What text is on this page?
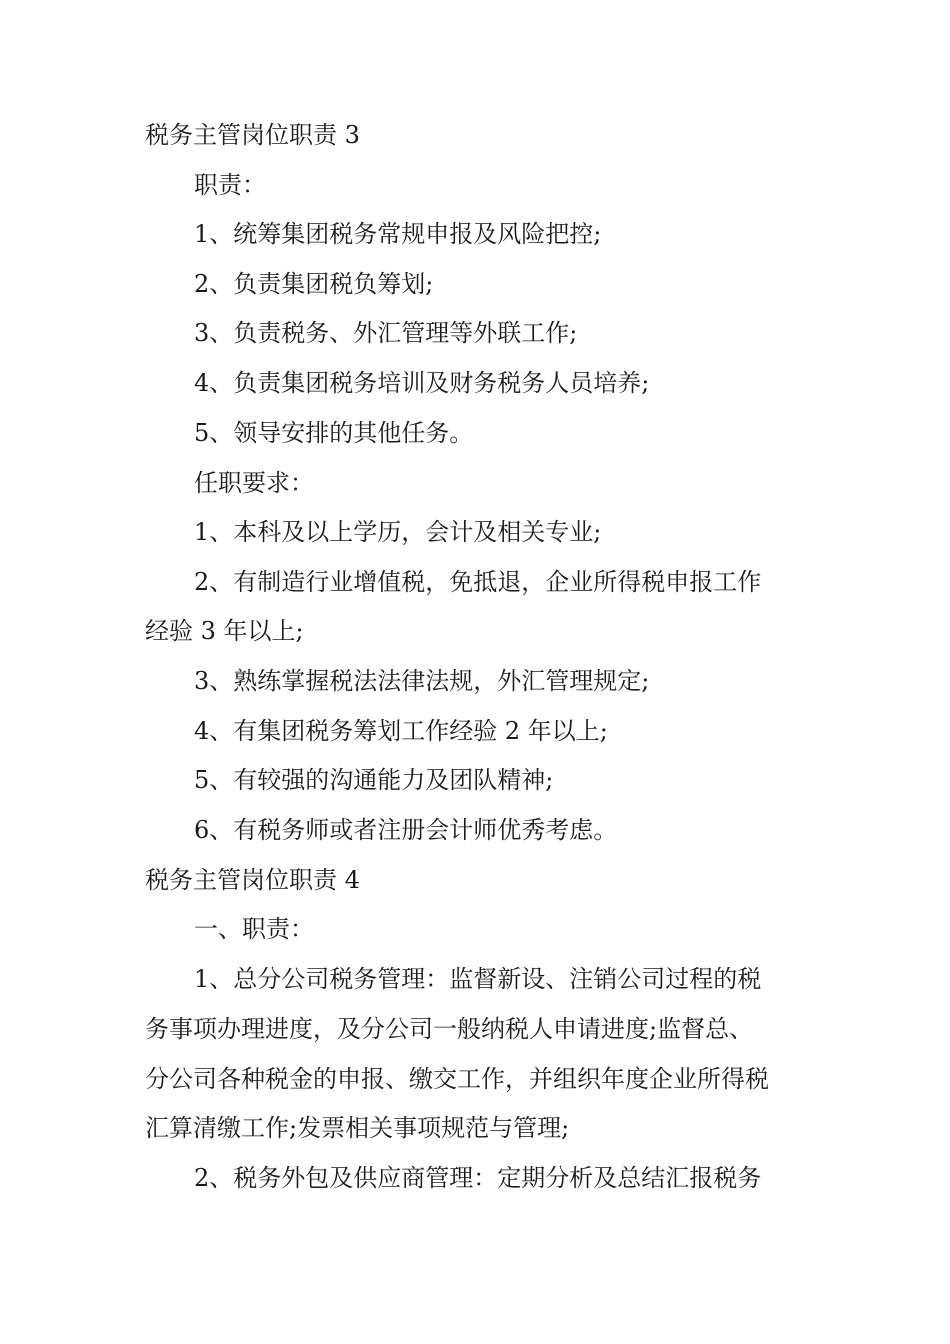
税务主管岗位职责 3
职责：
1、统筹集团税务常规申报及风险把控;
2、负责集团税负筹划;
3、负责税务、外汇管理等外联工作;
4、负责集团税务培训及财务税务人员培养;
5、领导安排的其他任务。
任职要求：
1、本科及以上学历，会计及相关专业;
2、有制造行业增值税，免抵退，企业所得税申报工作
经验 3 年以上;
3、熟练掌握税法法律法规，外汇管理规定;
4、有集团税务筹划工作经验 2 年以上;
5、有较强的沟通能力及团队精神;
6、有税务师或者注册会计师优秀考虑。
税务主管岗位职责 4
一、职责：
1、总分公司税务管理：监督新设、注销公司过程的税
务事项办理进度，及分公司一般纳税人申请进度;监督总、
分公司各种税金的申报、缴交工作，并组织年度企业所得税
汇算清缴工作;发票相关事项规范与管理;
2、税务外包及供应商管理：定期分析及总结汇报税务
